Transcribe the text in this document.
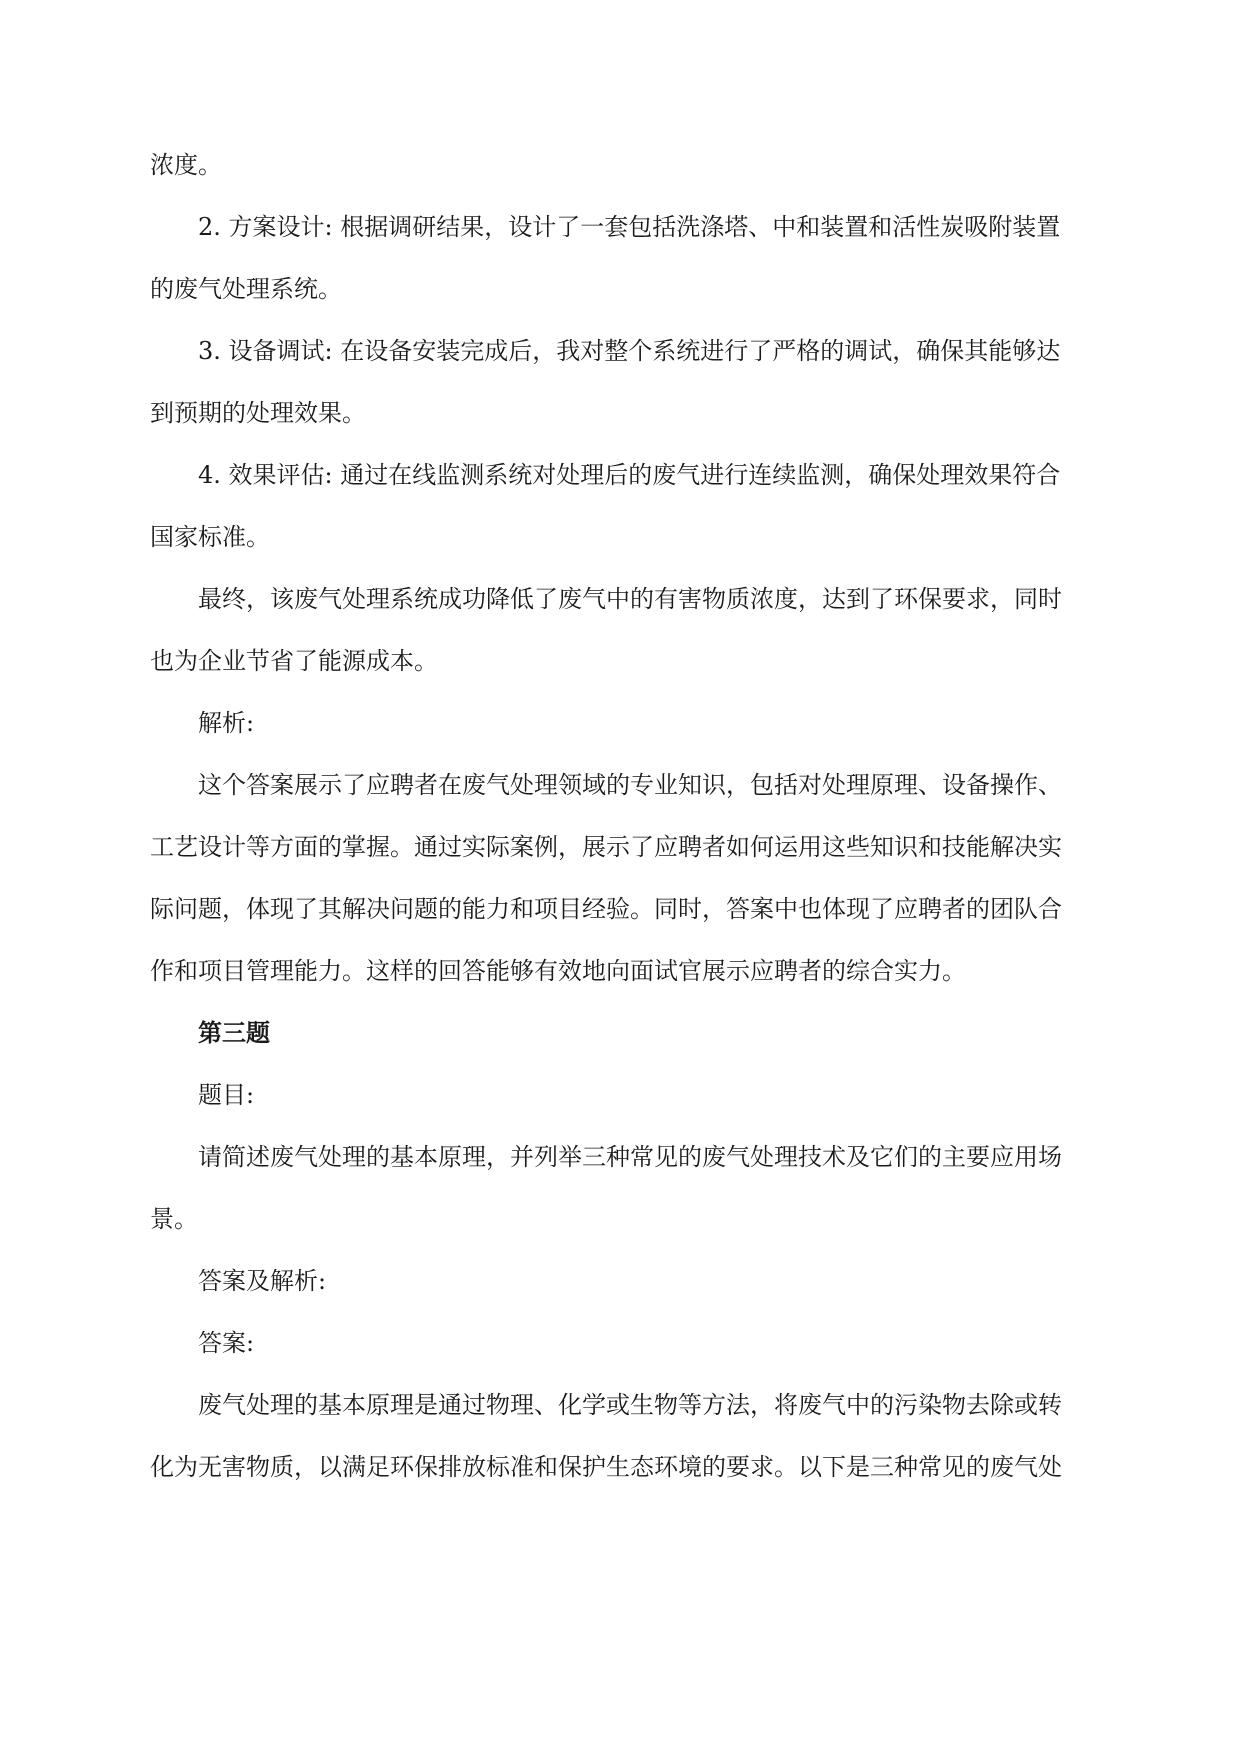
浓度。

2. 方案设计: 根据调研结果，设计了一套包括洗涤塔、中和装置和活性炭吸附装置

的废气处理系统。

3. 设备调试: 在设备安装完成后，我对整个系统进行了严格的调试，确保其能够达

到预期的处理效果。

4. 效果评估: 通过在线监测系统对处理后的废气进行连续监测，确保处理效果符合

国家标准。

最终，该废气处理系统成功降低了废气中的有害物质浓度，达到了环保要求，同时

也为企业节省了能源成本。

解析:

这个答案展示了应聘者在废气处理领域的专业知识，包括对处理原理、设备操作、

工艺设计等方面的掌握。通过实际案例，展示了应聘者如何运用这些知识和技能解决实

际问题，体现了其解决问题的能力和项目经验。同时，答案中也体现了应聘者的团队合

作和项目管理能力。这样的回答能够有效地向面试官展示应聘者的综合实力。

第三题

题目:

请简述废气处理的基本原理，并列举三种常见的废气处理技术及它们的主要应用场

景。

答案及解析:

答案:

废气处理的基本原理是通过物理、化学或生物等方法，将废气中的污染物去除或转

化为无害物质，以满足环保排放标准和保护生态环境的要求。以下是三种常见的废气处
